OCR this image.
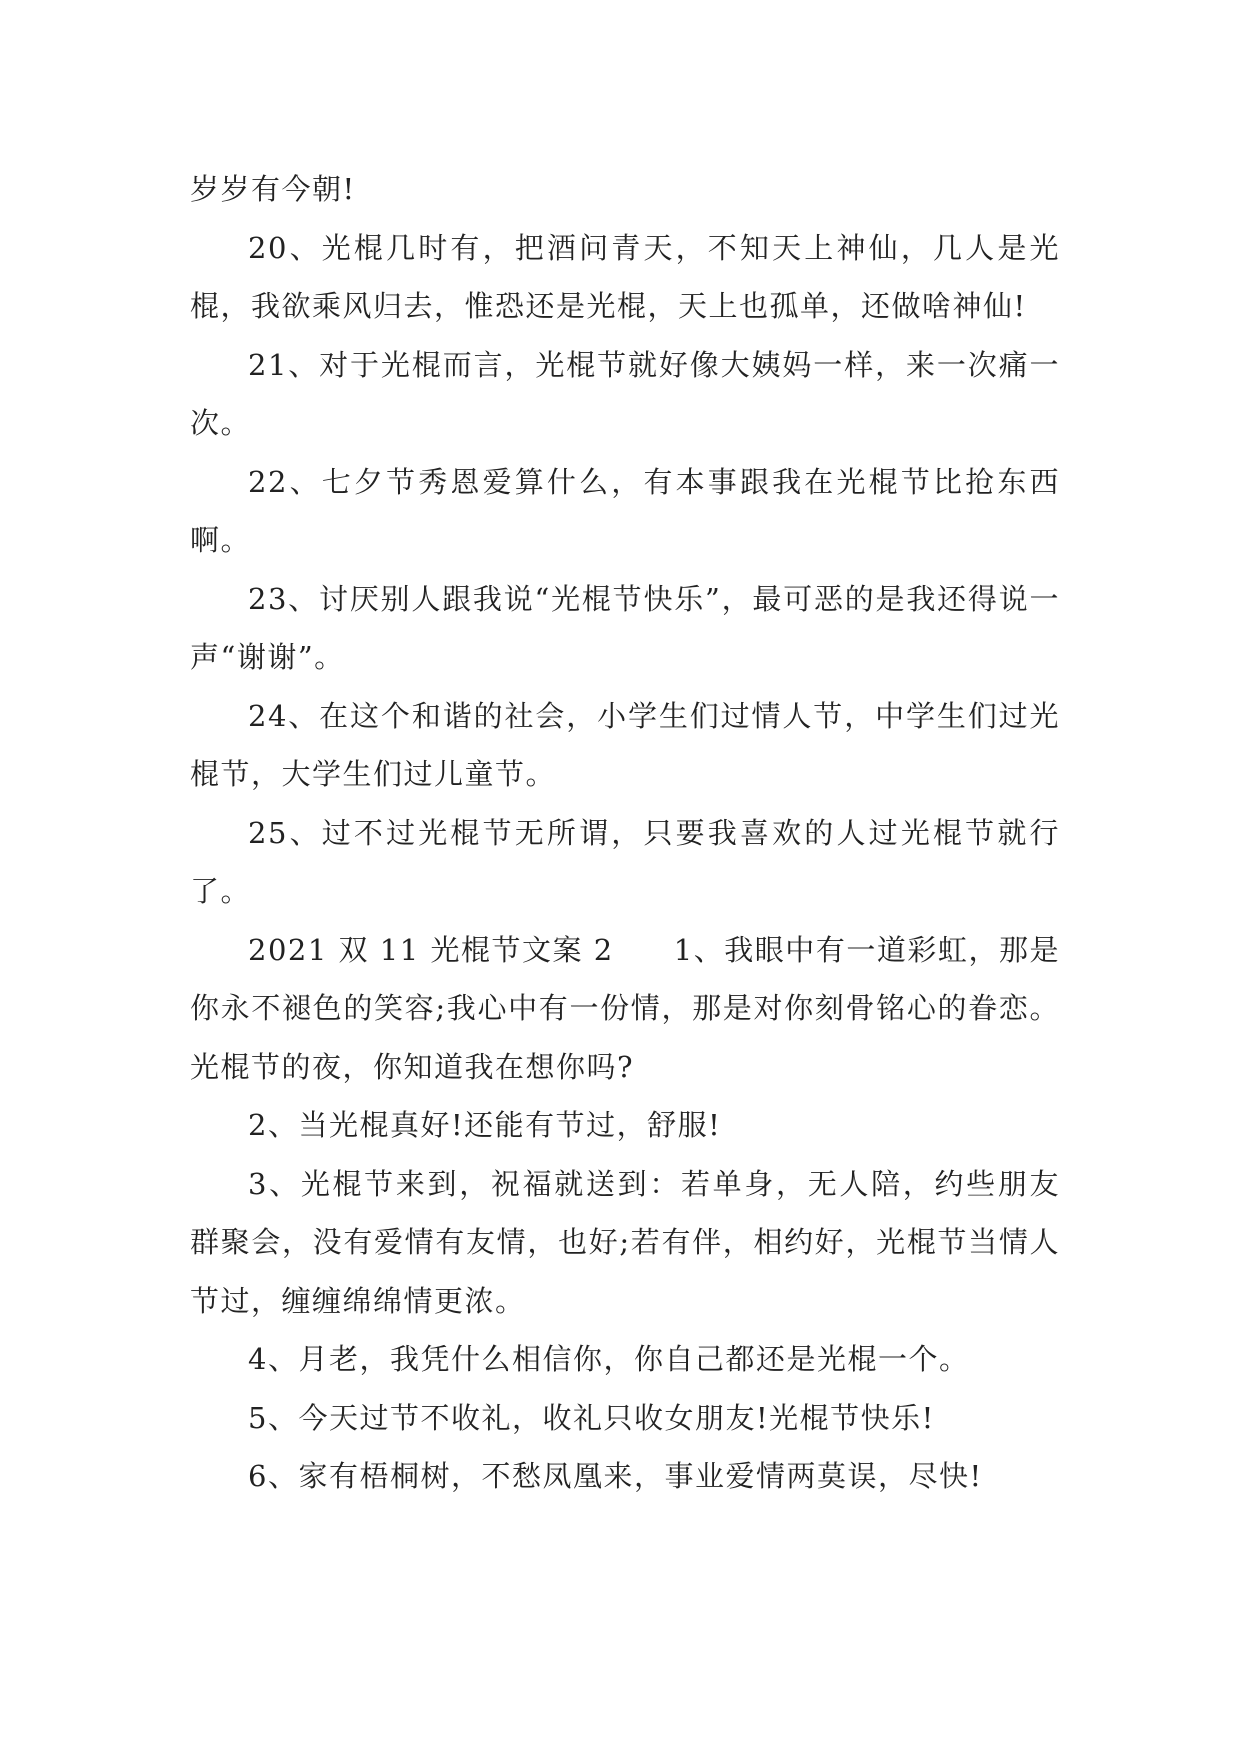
岁岁有今朝!

20、光棍几时有，把酒问青天，不知天上神仙，几人是光棍，我欲乘风归去，惟恐还是光棍，天上也孤单，还做啥神仙!

21、对于光棍而言，光棍节就好像大姨妈一样，来一次痛一次。

22、七夕节秀恩爱算什么，有本事跟我在光棍节比抢东西啊。

23、讨厌别人跟我说“光棍节快乐”，最可恶的是我还得说一声“谢谢”。

24、在这个和谐的社会，小学生们过情人节，中学生们过光棍节，大学生们过儿童节。

25、过不过光棍节无所谓，只要我喜欢的人过光棍节就行了。

2021 双 11 光棍节文案 2 1、我眼中有一道彩虹，那是你永不褪色的笑容;我心中有一份情，那是对你刻骨铭心的眷恋。光棍节的夜，你知道我在想你吗?

2、当光棍真好!还能有节过，舒服!

3、光棍节来到，祝福就送到：若单身，无人陪，约些朋友群聚会，没有爱情有友情，也好;若有伴，相约好，光棍节当情人节过，缠缠绵绵情更浓。

4、月老，我凭什么相信你，你自己都还是光棍一个。

5、今天过节不收礼，收礼只收女朋友!光棍节快乐!

6、家有梧桐树，不愁凤凰来，事业爱情两莫误，尽快!
